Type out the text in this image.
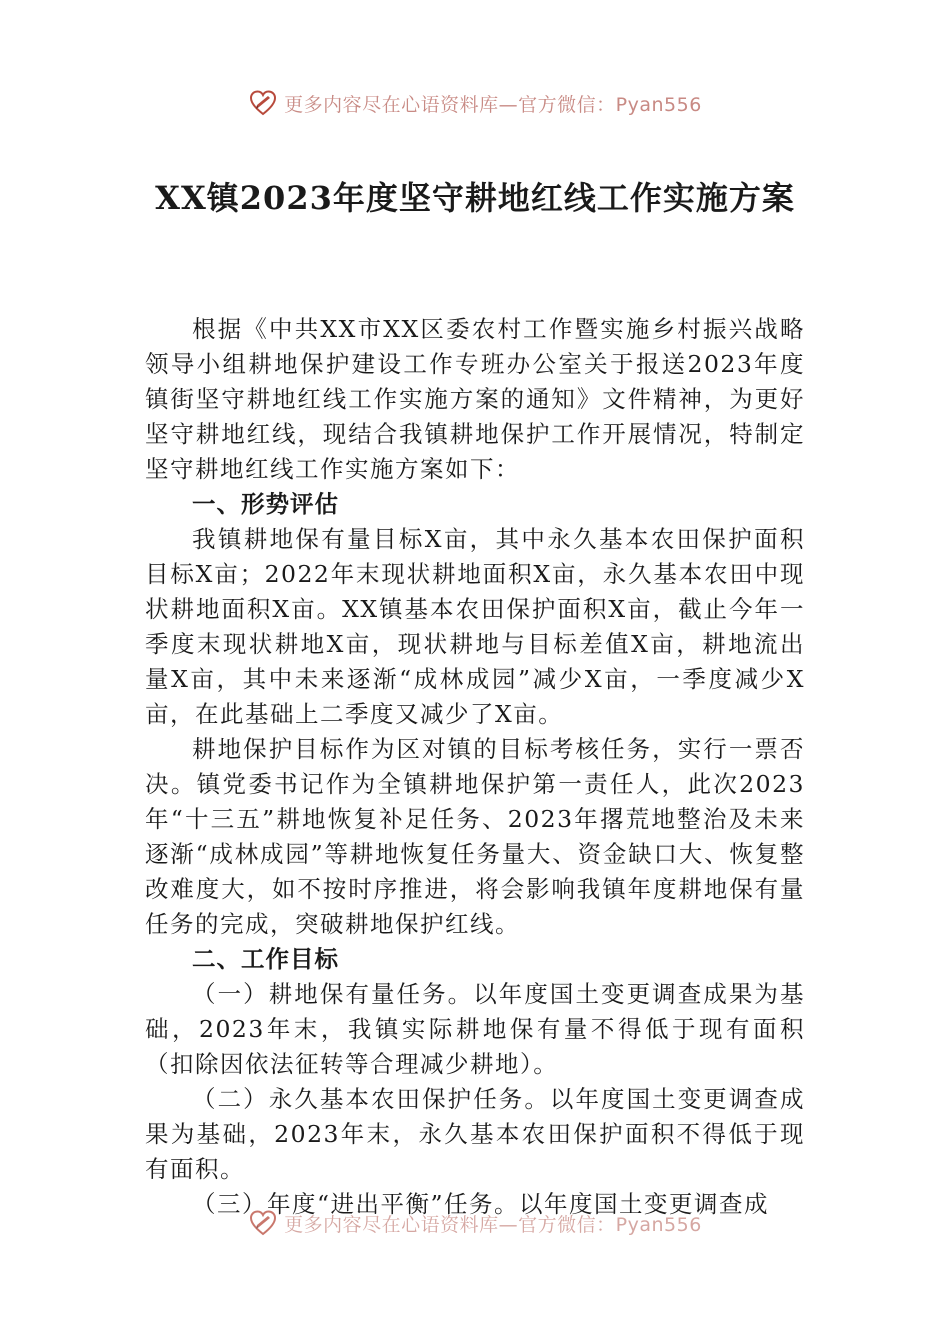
更多内容尽在心语资料库—官方微信：Pyan556
XX镇2023年度坚守耕地红线工作实施方案

根据《中共XX市XX区委农村工作暨实施乡村振兴战略领导小组耕地保护建设工作专班办公室关于报送2023年度镇街坚守耕地红线工作实施方案的通知》文件精神，为更好坚守耕地红线，现结合我镇耕地保护工作开展情况，特制定坚守耕地红线工作实施方案如下：

一、形势评估

我镇耕地保有量目标X亩，其中永久基本农田保护面积目标X亩；2022年末现状耕地面积X亩，永久基本农田中现状耕地面积X亩。XX镇基本农田保护面积X亩，截止今年一季度末现状耕地X亩，现状耕地与目标差值X亩，耕地流出量X亩，其中未来逐渐“成林成园”减少X亩，一季度减少X亩，在此基础上二季度又减少了X亩。

耕地保护目标作为区对镇的目标考核任务，实行一票否决。镇党委书记作为全镇耕地保护第一责任人，此次2023年“十三五”耕地恢复补足任务、2023年撂荒地整治及未来逐渐“成林成园”等耕地恢复任务量大、资金缺口大、恢复整改难度大，如不按时序推进，将会影响我镇年度耕地保有量任务的完成，突破耕地保护红线。

二、工作目标

（一）耕地保有量任务。以年度国土变更调查成果为基础，2023年末，我镇实际耕地保有量不得低于现有面积（扣除因依法征转等合理减少耕地）。

（二）永久基本农田保护任务。以年度国土变更调查成果为基础，2023年末，永久基本农田保护面积不得低于现有面积。

（三）年度“进出平衡”任务。以年度国土变更调查成

更多内容尽在心语资料库—官方微信：Pyan556
